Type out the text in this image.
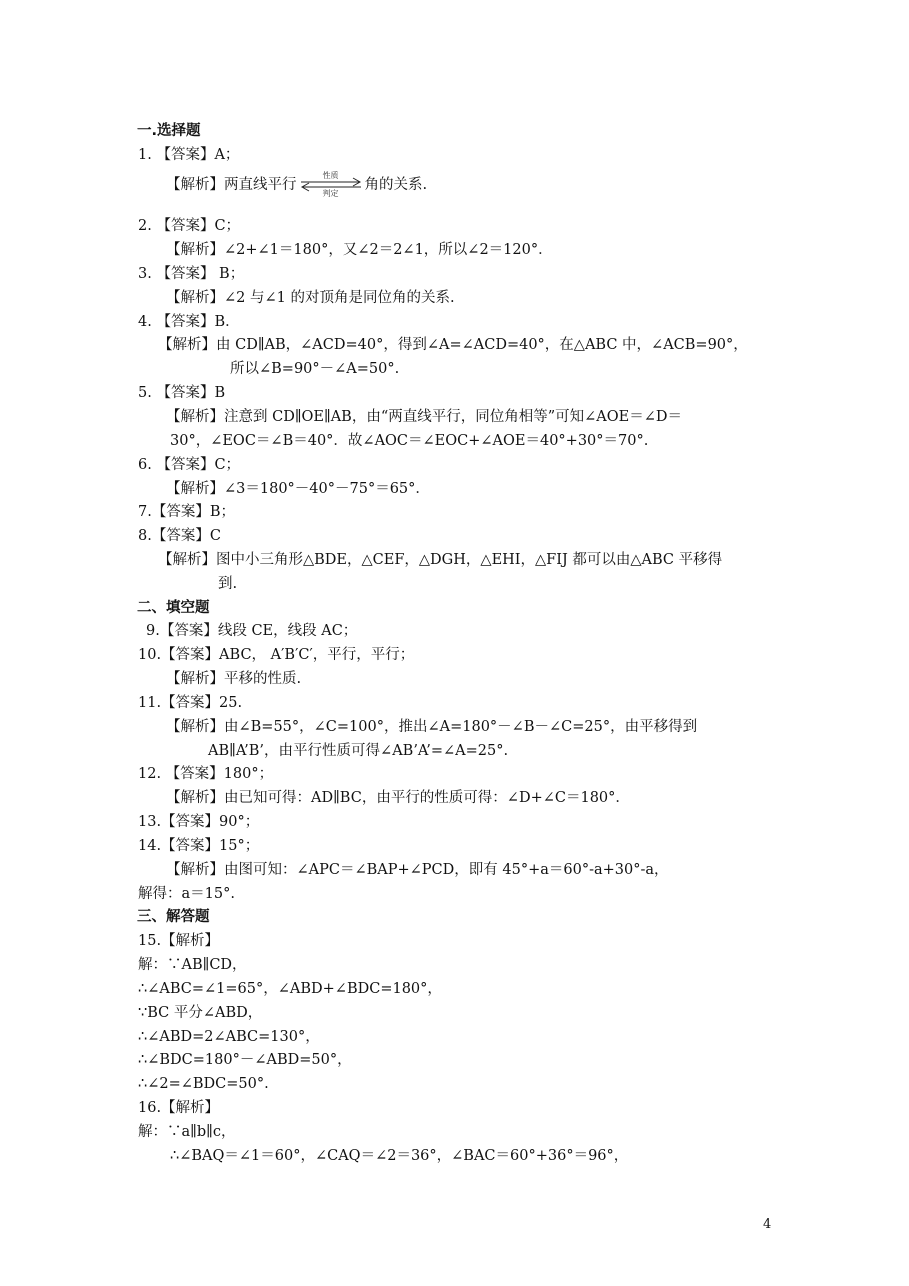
一.选择题
1. 【答案】A；
【解析】两直线平行
性质
判定
角的关系.
2. 【答案】C；
【解析】∠2+∠1＝180°，又∠2＝2∠1，所以∠2＝120°．
3. 【答案】 B；
【解析】∠2 与∠1 的对顶角是同位角的关系.
4. 【答案】B．
【解析】由 CD∥AB，∠ACD=40°，得到∠A=∠ACD=40°，在△ABC 中，∠ACB=90°，
所以∠B=90°－∠A=50°.
5. 【答案】B
【解析】注意到 CD∥OE∥AB，由“两直线平行，同位角相等”可知∠AOE＝∠D＝
30°，∠EOC＝∠B＝40°．故∠AOC＝∠EOC+∠AOE＝40°+30°＝70°.
6. 【答案】C；
【解析】∠3＝180°－40°－75°＝65°．
7.【答案】B；
8.【答案】C
【解析】图中小三角形△BDE，△CEF，△DGH，△EHI，△FIJ 都可以由△ABC 平移得
到.
二、填空题
9.【答案】线段 CE，线段 AC；
10.【答案】ABC， A′B′C′，平行，平行；
【解析】平移的性质.
11.【答案】25.
【解析】由∠B=55°，∠C=100°，推出∠A=180°－∠B－∠C=25°，由平移得到
AB∥A’B’，由平行性质可得∠AB’A’=∠A=25°.
12. 【答案】180°；
【解析】由已知可得：AD∥BC，由平行的性质可得：∠D+∠C＝180°．
13.【答案】90°；
14.【答案】15°；
【解析】由图可知：∠APC＝∠BAP+∠PCD，即有 45°+a＝60°-a+30°-a，
解得：a＝15°.
三、解答题
15.【解析】
解：∵AB∥CD，
∴∠ABC=∠1=65°，∠ABD+∠BDC=180°，
∵BC 平分∠ABD，
∴∠ABD=2∠ABC=130°，
∴∠BDC=180°－∠ABD=50°，
∴∠2=∠BDC=50°.
16.【解析】
解：∵a∥b∥c，
∴∠BAQ＝∠1＝60°，∠CAQ＝∠2＝36°，∠BAC＝60°+36°＝96°，
4
